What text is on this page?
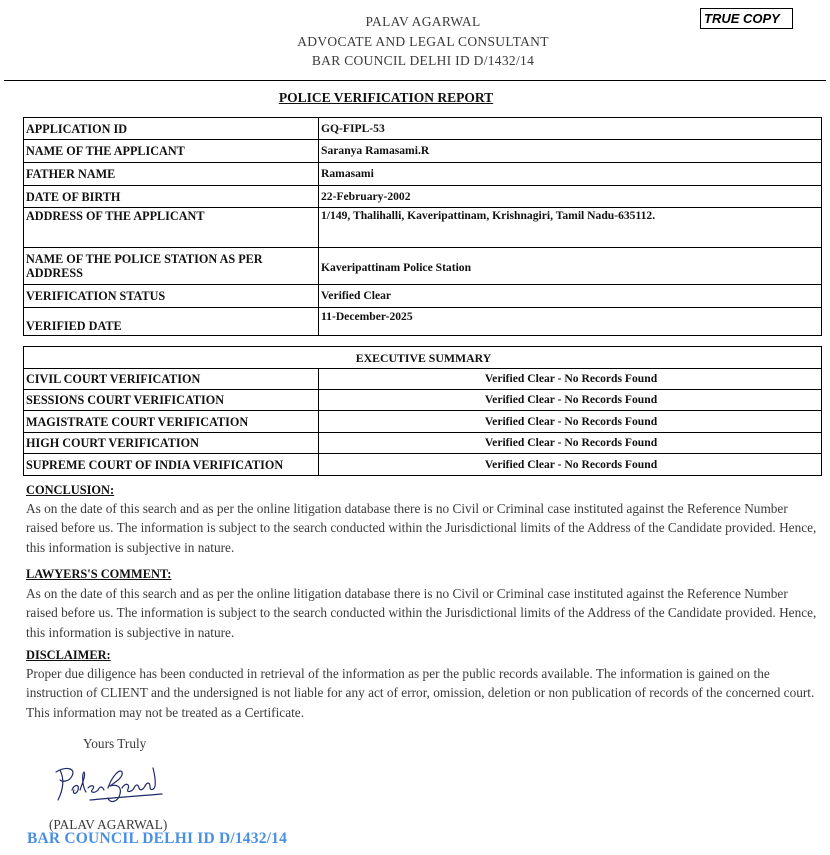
PALAV AGARWAL
ADVOCATE AND LEGAL CONSULTANT
BAR COUNCIL DELHI ID D/1432/14
TRUE COPY
POLICE VERIFICATION REPORT
APPLICATION ID	GQ-FIPL-53
NAME OF THE APPLICANT	Saranya Ramasami.R
FATHER NAME	Ramasami
DATE OF BIRTH	22-February-2002
ADDRESS OF THE APPLICANT	1/149, Thalihalli, Kaveripattinam, Krishnagiri, Tamil Nadu-635112.
NAME OF THE POLICE STATION AS PER ADDRESS	Kaveripattinam Police Station
VERIFICATION STATUS	Verified Clear
VERIFIED DATE	11-December-2025
EXECUTIVE SUMMARY	
CIVIL COURT VERIFICATION	Verified Clear - No Records Found
SESSIONS COURT VERIFICATION	Verified Clear - No Records Found
MAGISTRATE COURT VERIFICATION	Verified Clear - No Records Found
HIGH COURT VERIFICATION	Verified Clear - No Records Found
SUPREME COURT OF INDIA VERIFICATION	Verified Clear - No Records Found
CONCLUSION:
As on the date of this search and as per the online litigation database there is no Civil or Criminal case instituted against the Reference Number raised before us. The information is subject to the search conducted within the Jurisdictional limits of the Address of the Candidate provided. Hence, this information is subjective in nature.
LAWYERS'S COMMENT:
As on the date of this search and as per the online litigation database there is no Civil or Criminal case instituted against the Reference Number raised before us. The information is subject to the search conducted within the Jurisdictional limits of the Address of the Candidate provided. Hence, this information is subjective in nature.
DISCLAIMER:
Proper due diligence has been conducted in retrieval of the information as per the public records available. The information is gained on the instruction of CLIENT and the undersigned is not liable for any act of error, omission, deletion or non publication of records of the concerned court. This information may not be treated as a Certificate.
Yours Truly
(PALAV AGARWAL)
BAR COUNCIL DELHI ID D/1432/14
